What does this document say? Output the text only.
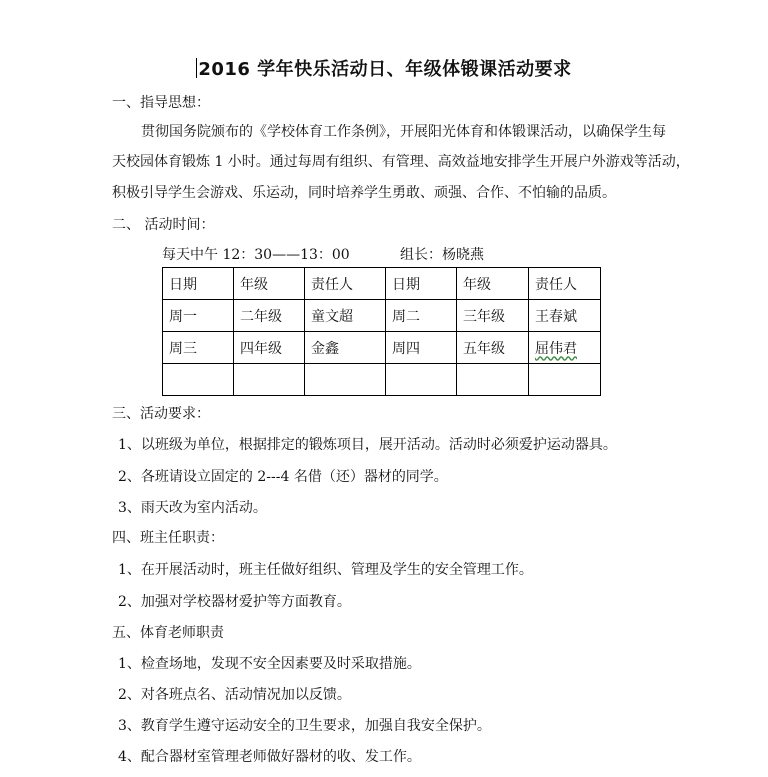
2016 学年快乐活动日、年级体锻课活动要求
一、指导思想：
贯彻国务院颁布的《学校体育工作条例》，开展阳光体育和体锻课活动，以确保学生每
天校园体育锻炼 1 小时。通过每周有组织、有管理、高效益地安排学生开展户外游戏等活动，
积极引导学生会游戏、乐运动，同时培养学生勇敢、顽强、合作、不怕输的品质。
二、 活动时间：
每天中午 12：30——13：00	组长：杨晓燕
日期	年级	责任人	日期	年级	责任人
周一	二年级	童文超	周二	三年级	王春斌
周三	四年级	金鑫	周四	五年级	屈伟君

三、活动要求：
1、以班级为单位，根据排定的锻炼项目，展开活动。活动时必须爱护运动器具。
2、各班请设立固定的 2---4 名借（还）器材的同学。
3、雨天改为室内活动。
四、班主任职责：
1、在开展活动时，班主任做好组织、管理及学生的安全管理工作。
2、加强对学校器材爱护等方面教育。
五、体育老师职责
1、检查场地，发现不安全因素要及时采取措施。
2、对各班点名、活动情况加以反馈。
3、教育学生遵守运动安全的卫生要求，加强自我安全保护。
4、配合器材室管理老师做好器材的收、发工作。
